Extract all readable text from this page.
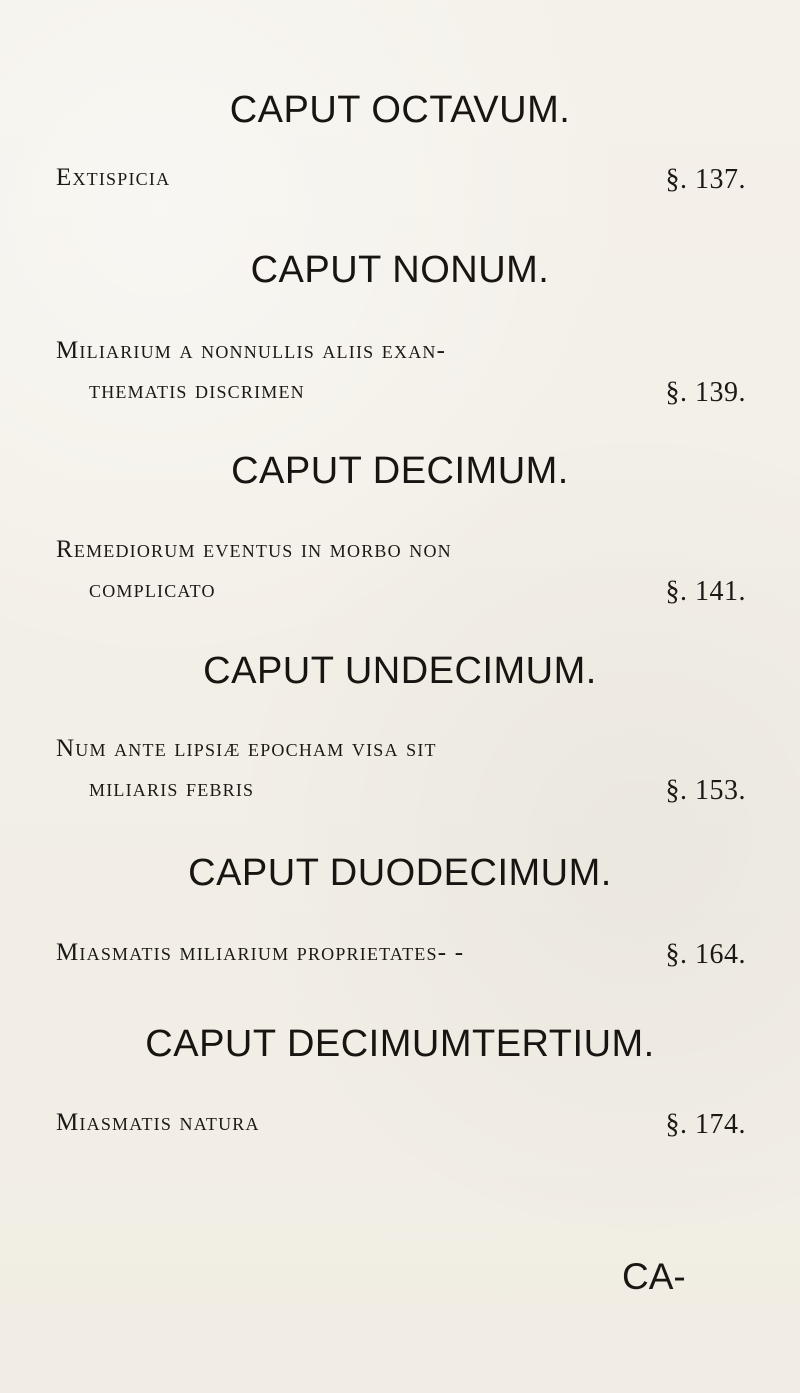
CAPUT OCTAVUM.
Extispicia	§. 137.
CAPUT NONUM.
Miliarium a nonnullis aliis exan-
thematis discrimen	§. 139.
CAPUT DECIMUM.
Remediorum eventus in morbo non
complicato	§. 141.
CAPUT UNDECIMUM.
Num ante lipsiæ epocham visa sit
miliaris febris	§. 153.
CAPUT DUODECIMUM.
Miasmatis miliarium proprietates- -	§. 164.
CAPUT DECIMUMTERTIUM.
Miasmatis natura	§. 174.
CA-
